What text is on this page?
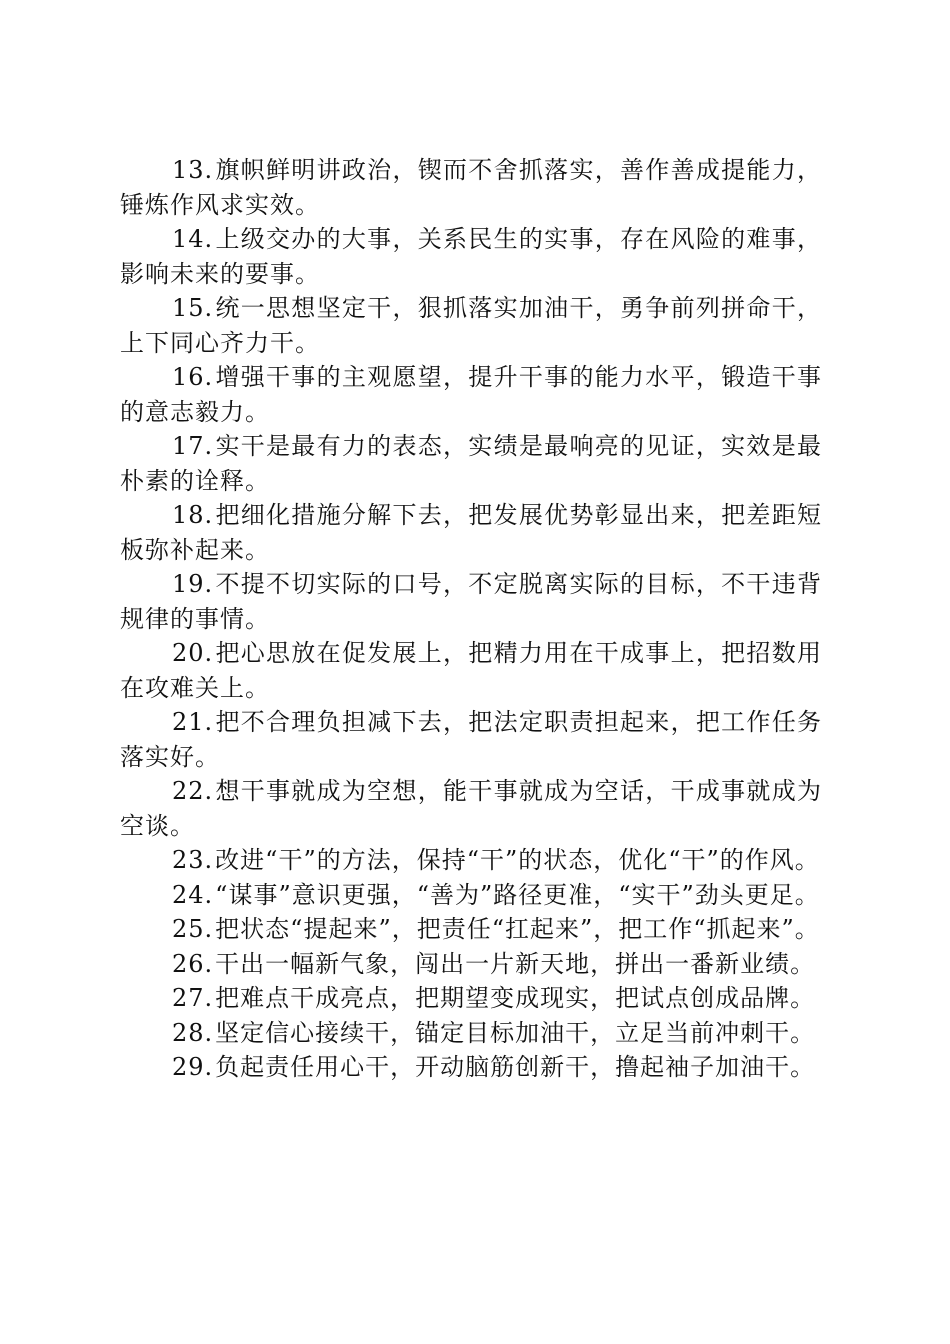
13.旗帜鲜明讲政治，锲而不舍抓落实，善作善成提能力，锤炼作风求实效。

14.上级交办的大事，关系民生的实事，存在风险的难事，影响未来的要事。

15.统一思想坚定干，狠抓落实加油干，勇争前列拼命干，上下同心齐力干。

16.增强干事的主观愿望，提升干事的能力水平，锻造干事的意志毅力。

17.实干是最有力的表态，实绩是最响亮的见证，实效是最朴素的诠释。

18.把细化措施分解下去，把发展优势彰显出来，把差距短板弥补起来。

19.不提不切实际的口号，不定脱离实际的目标，不干违背规律的事情。

20.把心思放在促发展上，把精力用在干成事上，把招数用在攻难关上。

21.把不合理负担减下去，把法定职责担起来，把工作任务落实好。

22.想干事就成为空想，能干事就成为空话，干成事就成为空谈。

23.改进“干”的方法，保持“干”的状态，优化“干”的作风。

24.“谋事”意识更强，“善为”路径更准，“实干”劲头更足。

25.把状态“提起来”，把责任“扛起来”，把工作“抓起来”。

26.干出一幅新气象，闯出一片新天地，拼出一番新业绩。

27.把难点干成亮点，把期望变成现实，把试点创成品牌。

28.坚定信心接续干，锚定目标加油干，立足当前冲刺干。

29.负起责任用心干，开动脑筋创新干，撸起袖子加油干。
